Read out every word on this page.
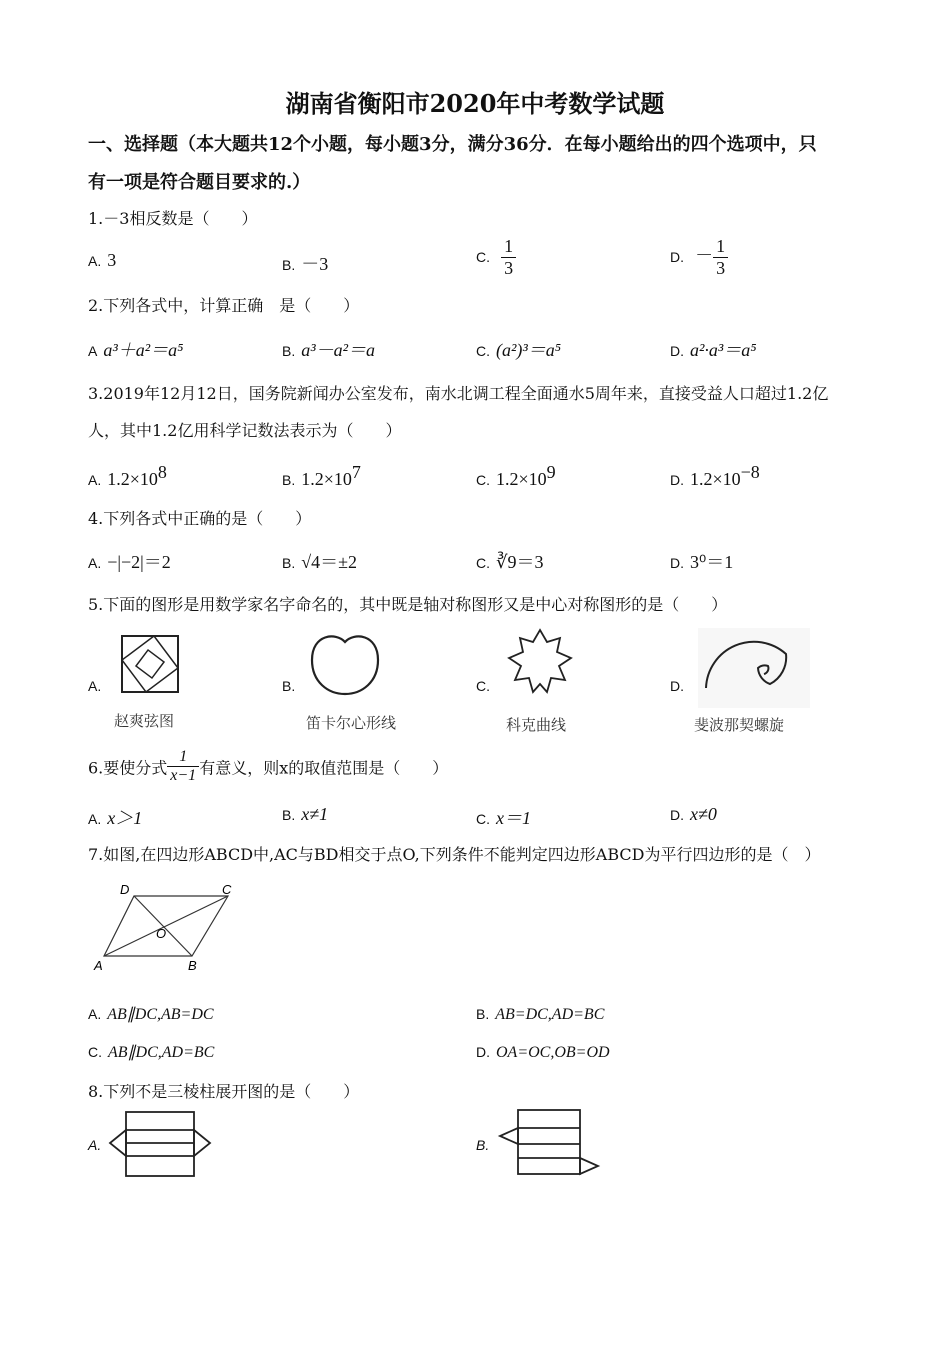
湖南省衡阳市2020年中考数学试题
一、选择题（本大题共12个小题，每小题3分，满分36分．在每小题给出的四个选项中，只
有一项是符合题目要求的.）
1.－3相反数是（　　）
A. 3	B. －3	C. $\frac{1}{3}$	D. － $\frac{1}{3}$
2.下列各式中，计算正确　是（　　）
A a³＋a²＝a⁵	B. a³－a²＝a	C. (a²)³＝a⁵	D. a²·a³＝a⁵
3.2019年12月12日，国务院新闻办公室发布，南水北调工程全面通水5周年来，直接受益人口超过1.2亿
人，其中1.2亿用科学记数法表示为（　　）
A. $1.2\times 10^8$	B. $1.2\times 10^7$	C. $1.2\times 10^9$	D. $1.2\times 10^{-8}$
4.下列各式中正确的是（　　）
A. −|−2|＝2	B. √4＝±2	C. ∛9＝3	D. 3⁰＝1
5.下面的图形是用数学家名字命名的，其中既是轴对称图形又是中心对称图形的是（　　）
A.
赵爽弦图
B.
笛卡尔心形线
C.
科克曲线
D.
斐波那契螺旋
6.要使分式 $\frac{1}{x-1}$ 有意义，则x的取值范围是（　　）
A. x＞1	B. x≠1	C. x＝1	D. x≠0
7.如图,在四边形ABCD中,AC与BD相交于点O,下列条件不能判定四边形ABCD为平行四边形的是（　）
A	B
C
D
O
A. AB∥DC,AB=DC	B. AB=DC,AD=BC
C. AB∥DC,AD=BC	D. OA=OC,OB=OD
8.下列不是三棱柱展开图的是（　　）
A.	B.
